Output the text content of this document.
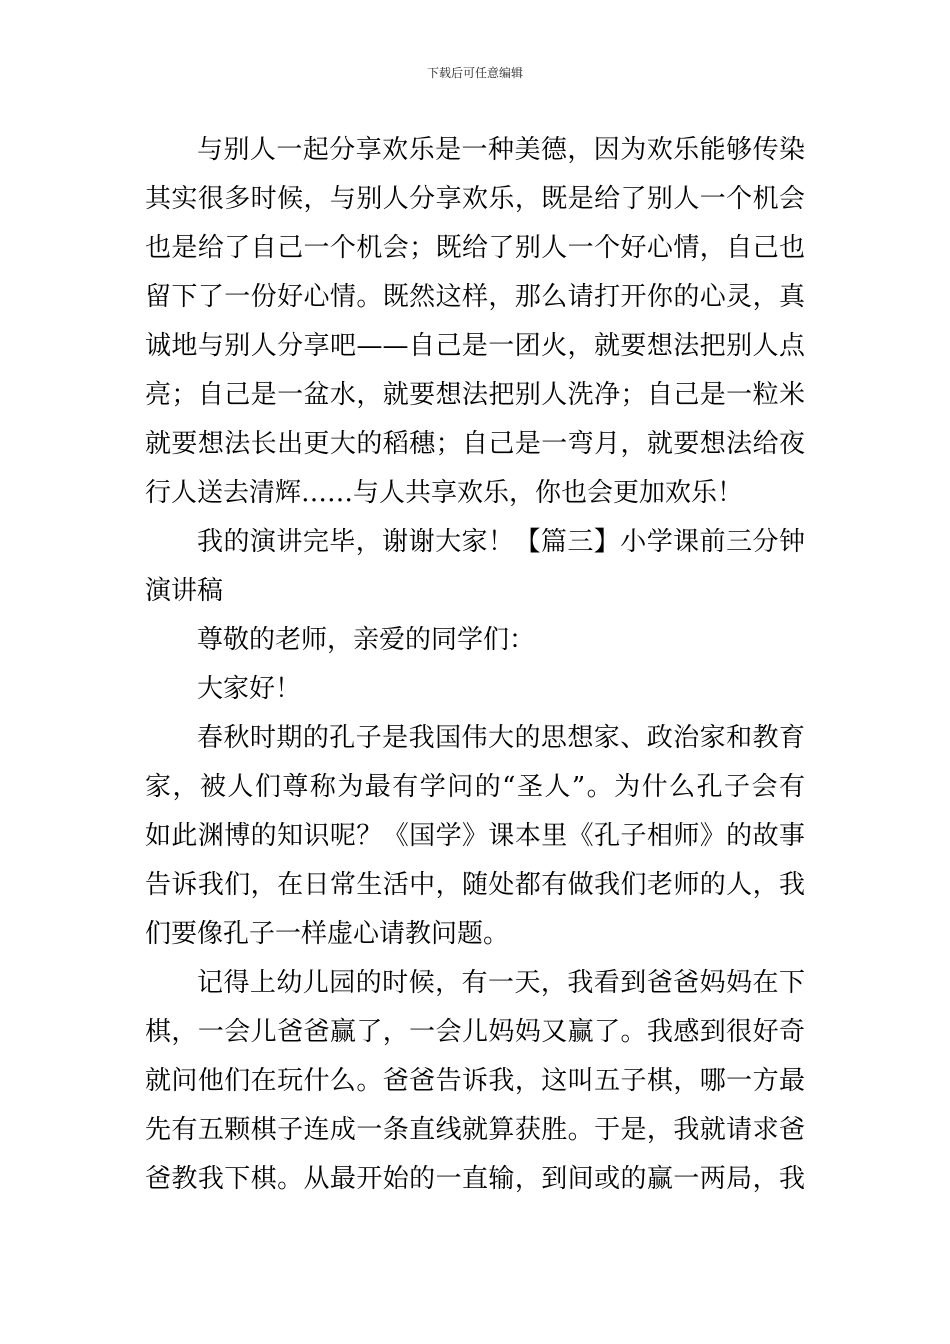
下载后可任意编辑
与别人一起分享欢乐是一种美德，因为欢乐能够传染
其实很多时候，与别人分享欢乐，既是给了别人一个机会
也是给了自己一个机会；既给了别人一个好心情，自己也
留下了一份好心情。既然这样，那么请打开你的心灵，真
诚地与别人分享吧——自己是一团火，就要想法把别人点
亮；自己是一盆水，就要想法把别人洗净；自己是一粒米
就要想法长出更大的稻穗；自己是一弯月，就要想法给夜
行人送去清辉……与人共享欢乐，你也会更加欢乐！
我的演讲完毕，谢谢大家！【篇三】小学课前三分钟
演讲稿
尊敬的老师，亲爱的同学们：
大家好！
春秋时期的孔子是我国伟大的思想家、政治家和教育
家，被人们尊称为最有学问的“圣人”。为什么孔子会有
如此渊博的知识呢？《国学》课本里《孔子相师》的故事
告诉我们，在日常生活中，随处都有做我们老师的人，我
们要像孔子一样虚心请教问题。
记得上幼儿园的时候，有一天，我看到爸爸妈妈在下
棋，一会儿爸爸赢了，一会儿妈妈又赢了。我感到很好奇
就问他们在玩什么。爸爸告诉我，这叫五子棋，哪一方最
先有五颗棋子连成一条直线就算获胜。于是，我就请求爸
爸教我下棋。从最开始的一直输，到间或的赢一两局，我
